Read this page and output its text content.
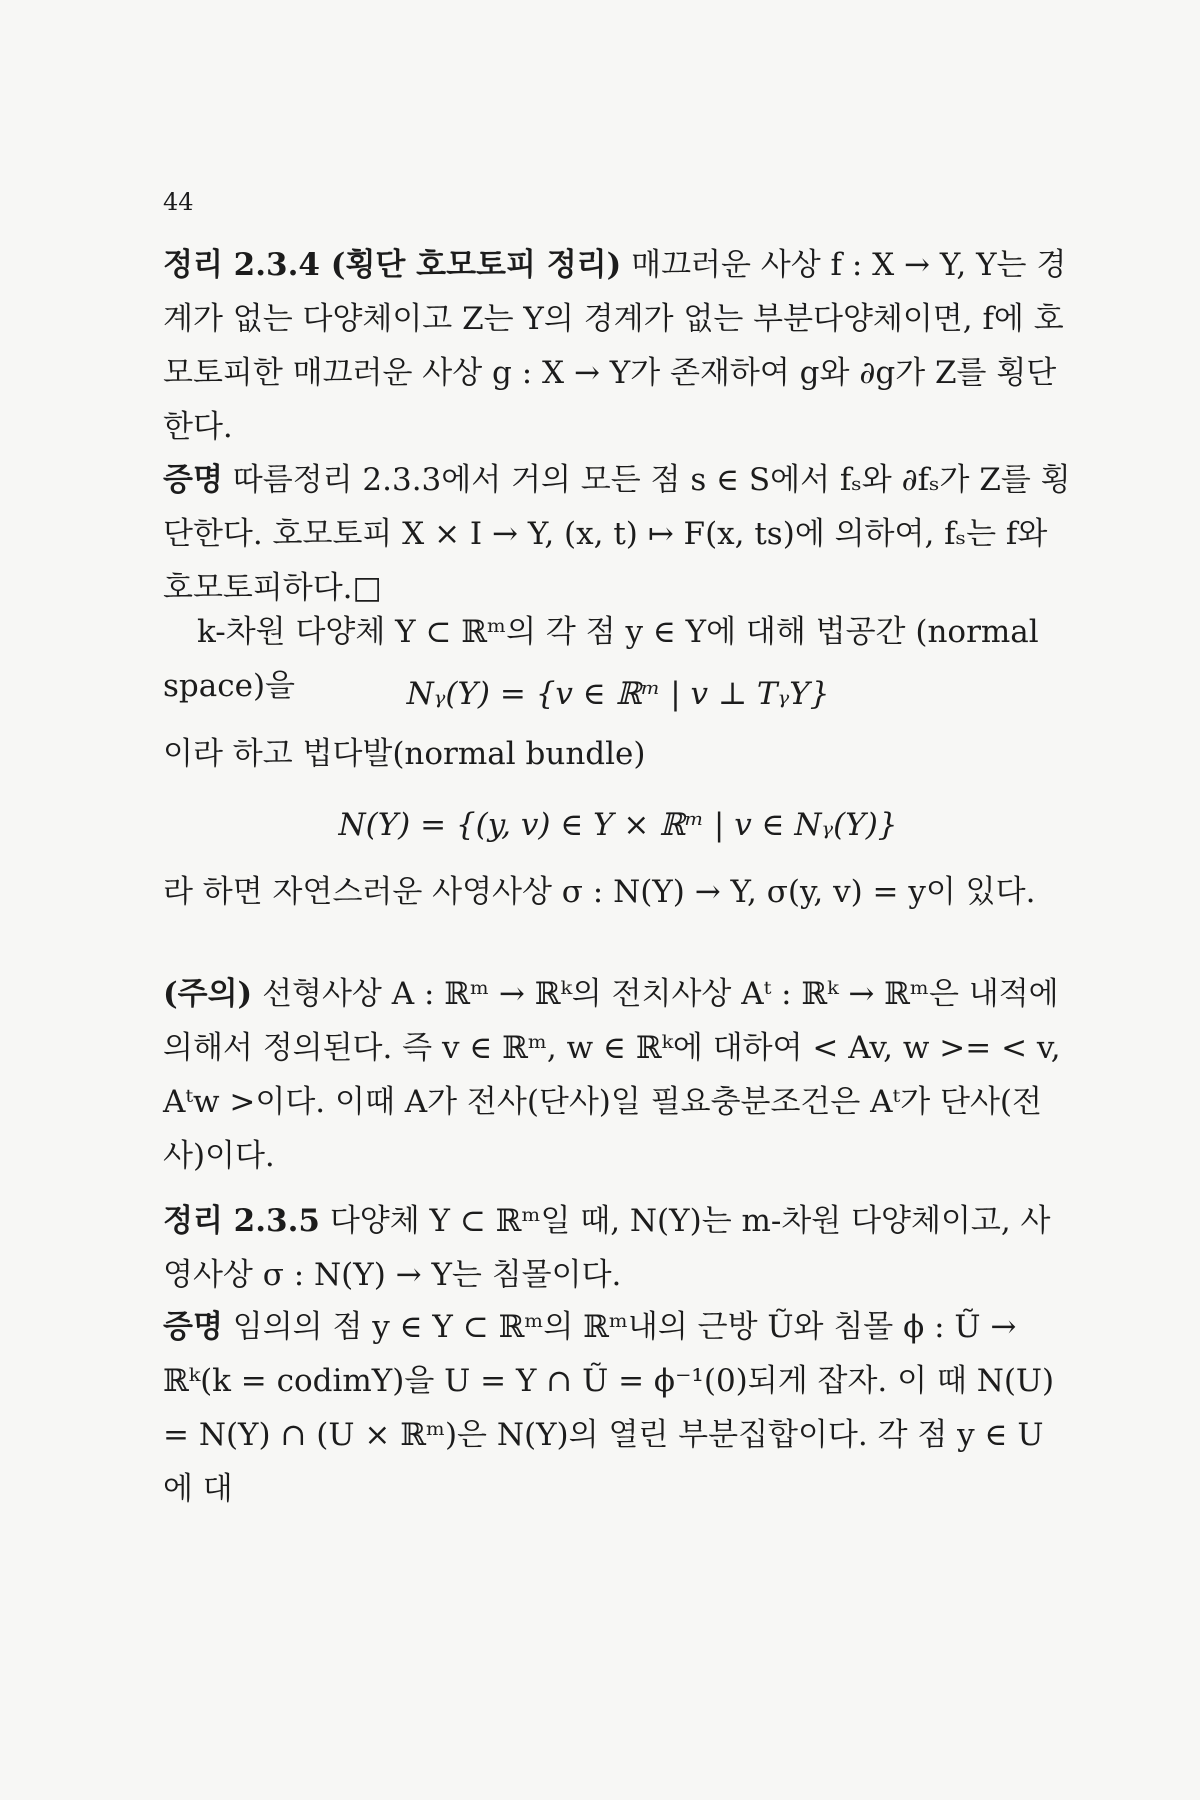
44

정리 2.3.4 (횡단 호모토피 정리) 매끄러운 사상 f : X → Y, Y는 경계가 없는 다양체이고 Z는 Y의 경계가 없는 부분다양체이면, f에 호모토피한 매끄러운 사상 g : X → Y가 존재하여 g와 ∂g가 Z를 횡단한다.

증명 따름정리 2.3.3에서 거의 모든 점 s ∈ S에서 fₛ와 ∂fₛ가 Z를 횡단한다. 호모토피 X × I → Y, (x, t) ↦ F(x, ts)에 의하여, fₛ는 f와 호모토피하다.□

k-차원 다양체 Y ⊂ ℝᵐ의 각 점 y ∈ Y에 대해 법공간 (normal space)을	Nᵧ(Y) = {v ∈ ℝᵐ | v ⊥ TᵧY}
이라 하고 법다발(normal bundle)
N(Y) = {(y, v) ∈ Y × ℝᵐ | v ∈ Nᵧ(Y)}
라 하면 자연스러운 사영사상 σ : N(Y) → Y, σ(y, v) = y이 있다.

(주의) 선형사상 A : ℝᵐ → ℝᵏ의 전치사상 Aᵗ : ℝᵏ → ℝᵐ은 내적에 의해서 정의된다. 즉 v ∈ ℝᵐ, w ∈ ℝᵏ에 대하여 < Av, w >= < v, Aᵗw >이다. 이때 A가 전사(단사)일 필요충분조건은 Aᵗ가 단사(전사)이다.

정리 2.3.5 다양체 Y ⊂ ℝᵐ일 때, N(Y)는 m-차원 다양체이고, 사영사상 σ : N(Y) → Y는 침몰이다.

증명 임의의 점 y ∈ Y ⊂ ℝᵐ의 ℝᵐ내의 근방 Ũ와 침몰 ϕ : Ũ → ℝᵏ(k = codimY)을 U = Y ∩ Ũ = ϕ⁻¹(0)되게 잡자. 이 때 N(U) = N(Y) ∩ (U × ℝᵐ)은 N(Y)의 열린 부분집합이다. 각 점 y ∈ U에 대
